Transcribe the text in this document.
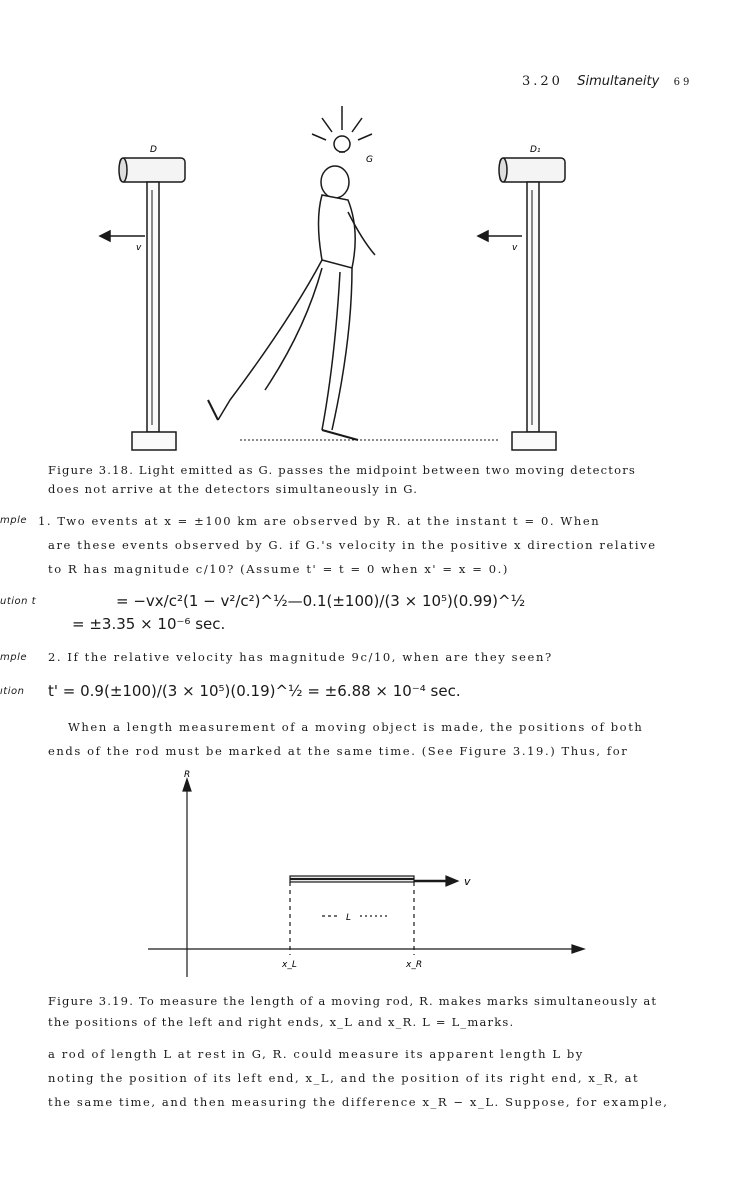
3.20 Simultaneity 69
D	D₁
G
v	v
Figure 3.18. Light emitted as G. passes the midpoint between two moving detectors
does not arrive at the detectors simultaneously in G.
mple 1. Two events at x = ±100 km are observed by R. at the instant t = 0. When
are these events observed by G. if G.'s velocity in the positive x direction relative
to R has magnitude c/10? (Assume t' = t = 0 when x' = x = 0.)
ution t	= −vx/c²(1 − v²/c²)^½—0.1(±100)/(3 × 10⁵)(0.99)^½
= ±3.35 × 10⁻⁶ sec.
mple 2. If the relative velocity has magnitude 9c/10, when are they seen?
ıtion t' = 0.9(±100)/(3 × 10⁵)(0.19)^½ = ±6.88 × 10⁻⁴ sec.
When a length measurement of a moving object is made, the positions of both
ends of the rod must be marked at the same time. (See Figure 3.19.) Thus, for
R
v
L
x_L	x_R
Figure 3.19. To measure the length of a moving rod, R. makes marks simultaneously at
the positions of the left and right ends, x_L and x_R. L = L_marks.
a rod of length L at rest in G, R. could measure its apparent length L by
noting the position of its left end, x_L, and the position of its right end, x_R, at
the same time, and then measuring the difference x_R − x_L. Suppose, for example,
